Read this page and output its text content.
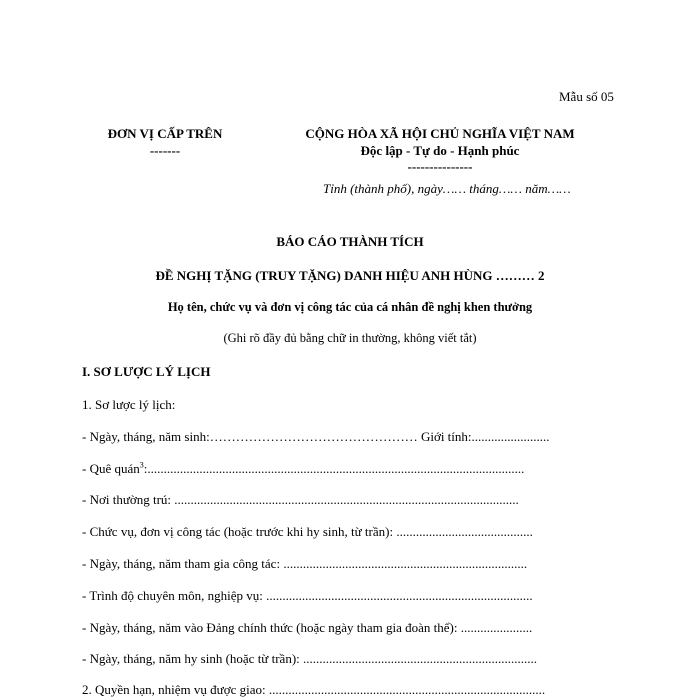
Mẫu số 05
ĐƠN VỊ CẤP TRÊN
-------
CỘNG HÒA XÃ HỘI CHỦ NGHĨA VIỆT NAM
Độc lập - Tự do - Hạnh phúc
---------------
Tỉnh (thành phố), ngày…… tháng…… năm……
BÁO CÁO THÀNH TÍCH
ĐỀ NGHỊ TẶNG (TRUY TẶNG) DANH HIỆU ANH HÙNG ……… 2
Họ tên, chức vụ và đơn vị công tác của cá nhân đề nghị khen thưởng
(Ghi rõ đầy đủ bằng chữ in thường, không viết tắt)
I. SƠ LƯỢC LÝ LỊCH
1. Sơ lược lý lịch:
- Ngày, tháng, năm sinh:………………………………………… Giới tính:........................
- Quê quán$^3$:....................................................................................................................
- Nơi thường trú: ..........................................................................................................
- Chức vụ, đơn vị công tác (hoặc trước khi hy sinh, từ trần): ..........................................
- Ngày, tháng, năm tham gia công tác: ...........................................................................
- Trình độ chuyên môn, nghiệp vụ: ..................................................................................
- Ngày, tháng, năm vào Đảng chính thức (hoặc ngày tham gia đoàn thể): ......................
- Ngày, tháng, năm hy sinh (hoặc từ trần): ........................................................................
2. Quyền hạn, nhiệm vụ được giao: .....................................................................................
